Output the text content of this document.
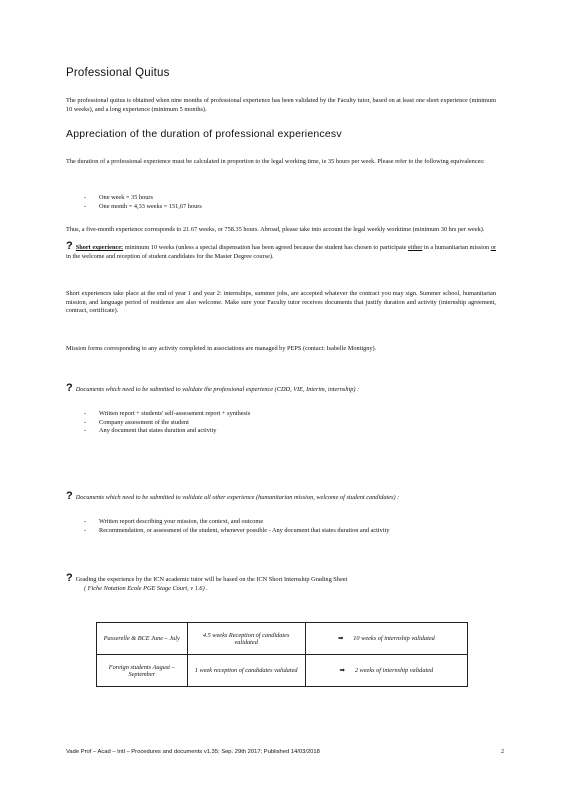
Professional Quitus
The professional quitus is obtained when nine months of professional experience has been validated by the Faculty tutor, based on at least one short experience (minimum 10 weeks), and a long experience (minimum 5 months).
Appreciation of the duration of professional experiencesv
The duration of a professional experience must be calculated in proportion to the legal working time, ie 35 hours per week. Please refer to the following equivalences:
- One week = 35 hours
- One month = 4,33 weeks = 151,67 hours
Thus, a five-month experience corresponds to 21.67 weeks, or 758.35 hours. Abroad, please take into account the legal weekly worktime (minimum 30 hrs per week).
? Short experience: minimum 10 weeks (unless a special dispensation has been agreed because the student has chosen to participate either in a humanitarian mission or in the welcome and reception of student candidates for the Master Degree course).
Short experiences take place at the end of year 1 and year 2: internships, summer jobs, are accepted whatever the contract you may sign. Summer school, humanitarian mission, and language period of residence are also welcome. Make sure your Faculty tutor receives documents that justify duration and activity (internship agreement, contract, certificate).
Mission forms corresponding to any activity completed in associations are managed by PEPS (contact: Isabelle Montigny).
? Documents which need to be submitted to validate the professional experience (CDD, VIE, Interim, internship) :
- Written report + students' self-assessment report + synthesis
- Company assessment of the student
- Any document that states duration and activity
? Documents which need to be submitted to validate all other experience (humanitarian mission, welcome of student candidates) :
- Written report describing your mission, the context, and outcome
- Recommendation, or assessment of the student, whenever possible - Any document that states duration and activity
? Grading the experience by the ICN academic tutor will be based on the ICN Short Internship Grading Sheet
( Fiche Notation Ecole PGE Stage Court, v 1.6) .
Passerelle & BCE June – July	4.5 weeks Reception of candidates validated	➡ 10 weeks of internship validated
Foreign students August – September	1 week reception of candidates validated	➡ 2 weeks of internship validated
Vade Prof – Acad – Intl – Procedures and documents v1.35; Sep. 29th 2017; Published 14/03/2018	2
